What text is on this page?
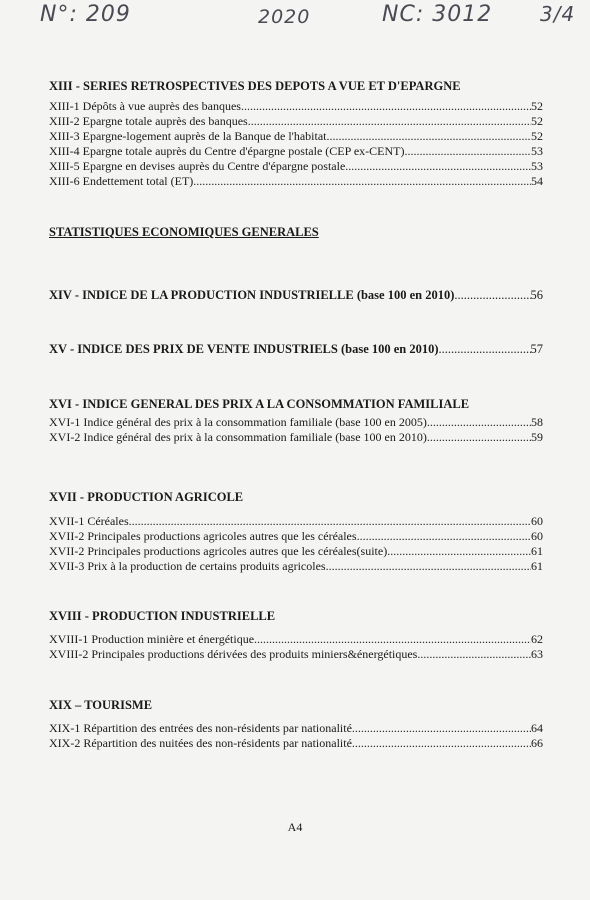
N°: 209	2020	NC: 3012 3/4
XIII - SERIES RETROSPECTIVES DES DEPOTS A VUE ET D'EPARGNE
XIII-1 Dépôts à vue auprès des banques .....	52
XIII-2 Epargne totale auprès des banques .....	52
XIII-3 Epargne-logement auprès de la Banque de l'habitat .....	52
XIII-4 Epargne totale auprès du Centre d'épargne postale (CEP ex-CENT) .....	53
XIII-5 Epargne en devises auprès du Centre d'épargne postale .....	53
XIII-6 Endettement total (ET) .....	54
STATISTIQUES ECONOMIQUES GENERALES
XIV - INDICE DE LA PRODUCTION INDUSTRIELLE (base 100 en 2010) .....	56
XV - INDICE DES PRIX DE VENTE INDUSTRIELS (base 100 en 2010) .....	57
XVI - INDICE GENERAL DES PRIX A LA CONSOMMATION FAMILIALE
XVI-1 Indice général des prix à la consommation familiale (base 100 en 2005) .....	58
XVI-2 Indice général des prix à la consommation familiale (base 100 en 2010) .....	59
XVII - PRODUCTION AGRICOLE
XVII-1 Céréales .....	60
XVII-2 Principales productions agricoles autres que les céréales .....	60
XVII-2 Principales productions agricoles autres que les céréales(suite) .....	61
XVII-3 Prix à la production de certains produits agricoles .....	61
XVIII - PRODUCTION INDUSTRIELLE
XVIII-1 Production minière et énergétique .....	62
XVIII-2 Principales productions dérivées des produits miniers&énergétiques .....	63
XIX – TOURISME
XIX-1 Répartition des entrées des non-résidents par nationalité .....	64
XIX-2 Répartition des nuitées des non-résidents par nationalité .....	66
A4
